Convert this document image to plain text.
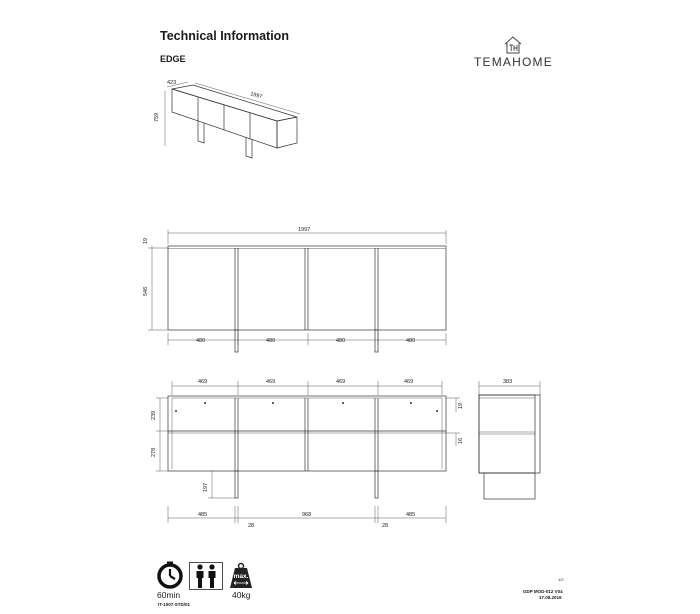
Technical Information
EDGE	TEMAHOME
423
1997
759
1997
19
546
480	480	480	480
469	469	469	469
239
278
197
19
16
485
28
968
28
485
383
1/2
max.
60min	40kg
IT-1007-STD/01
GDP MOD-012 V04
17.08.2016
